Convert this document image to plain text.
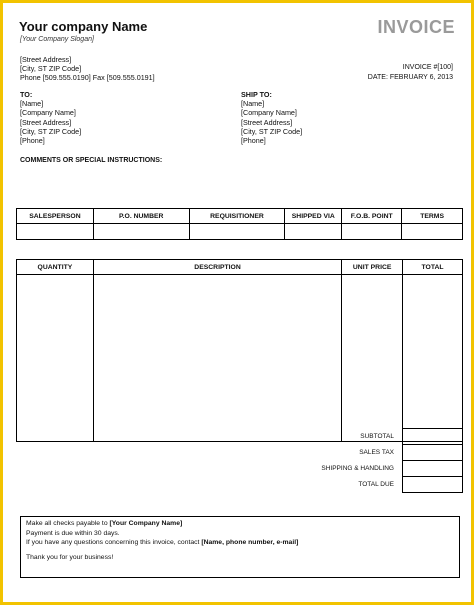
Your company Name
[Your Company Slogan]
[Street Address]
[City, ST ZIP Code]
Phone [509.555.0190] Fax [509.555.0191]
INVOICE
INVOICE #[100]
DATE: FEBRUARY 6, 2013
TO:
[Name]
[Company Name]
[Street Address]
[City, ST ZIP Code]
[Phone]
SHIP TO:
[Name]
[Company Name]
[Street Address]
[City, ST ZIP Code]
[Phone]
COMMENTS OR SPECIAL INSTRUCTIONS:
SALESPERSON	P.O. NUMBER	REQUISITIONER	SHIPPED VIA	F.O.B. POINT	TERMS

QUANTITY	DESCRIPTION	UNIT PRICE	TOTAL

SUBTOTAL	
SALES TAX	
SHIPPING & HANDLING	
TOTAL DUE	
Make all checks payable to [Your Company Name]
Payment is due within 30 days.
If you have any questions concerning this invoice, contact [Name, phone number, e-mail]
Thank you for your business!
